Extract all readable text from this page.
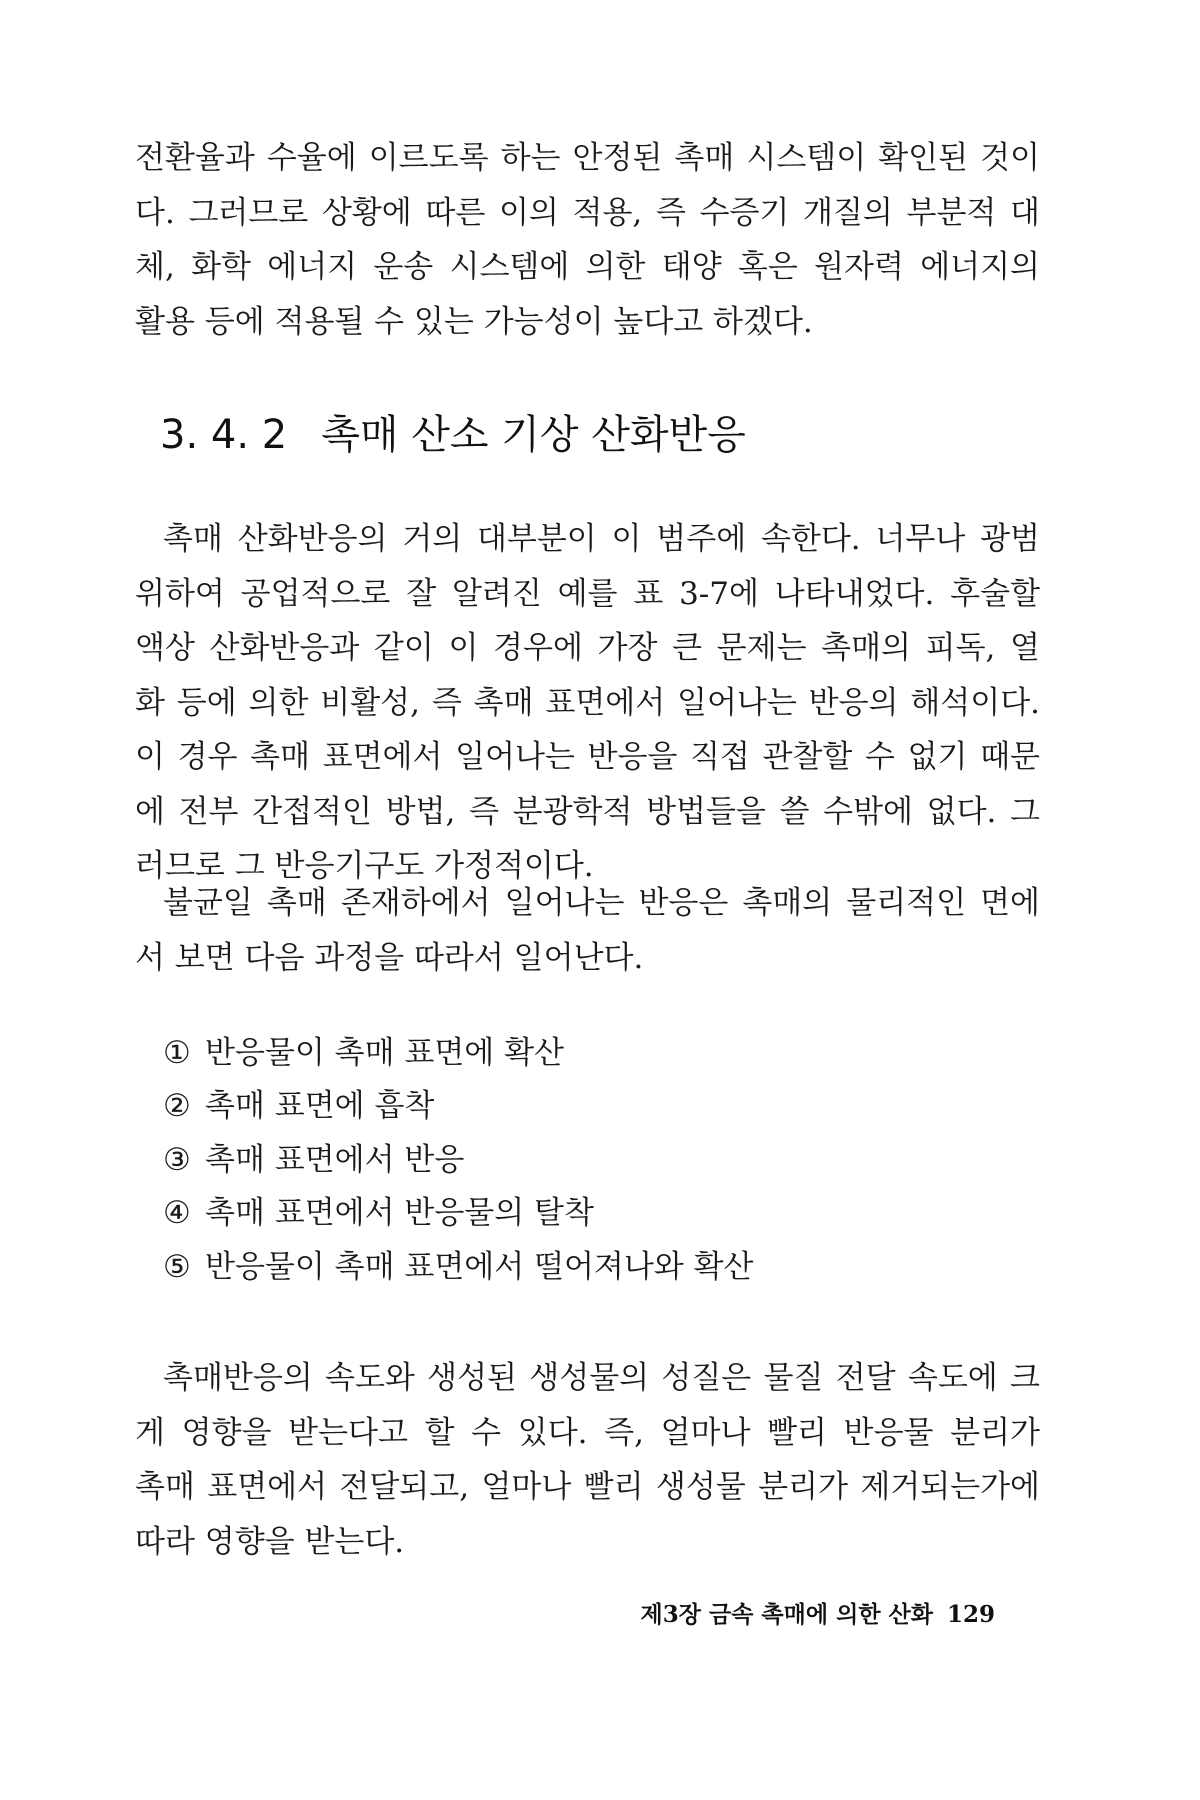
전환율과 수율에 이르도록 하는 안정된 촉매 시스템이 확인된 것이
다. 그러므로 상황에 따른 이의 적용, 즉 수증기 개질의 부분적 대
체, 화학 에너지 운송 시스템에 의한 태양 혹은 원자력 에너지의
활용 등에 적용될 수 있는 가능성이 높다고 하겠다.
3. 4. 2 촉매 산소 기상 산화반응
촉매 산화반응의 거의 대부분이 이 범주에 속한다. 너무나 광범
위하여 공업적으로 잘 알려진 예를 표 3-7에 나타내었다. 후술할
액상 산화반응과 같이 이 경우에 가장 큰 문제는 촉매의 피독, 열
화 등에 의한 비활성, 즉 촉매 표면에서 일어나는 반응의 해석이다.
이 경우 촉매 표면에서 일어나는 반응을 직접 관찰할 수 없기 때문
에 전부 간접적인 방법, 즉 분광학적 방법들을 쓸 수밖에 없다. 그
러므로 그 반응기구도 가정적이다.
불균일 촉매 존재하에서 일어나는 반응은 촉매의 물리적인 면에
서 보면 다음 과정을 따라서 일어난다.
① 반응물이 촉매 표면에 확산
② 촉매 표면에 흡착
③ 촉매 표면에서 반응
④ 촉매 표면에서 반응물의 탈착
⑤ 반응물이 촉매 표면에서 떨어져나와 확산
촉매반응의 속도와 생성된 생성물의 성질은 물질 전달 속도에 크
게 영향을 받는다고 할 수 있다. 즉, 얼마나 빨리 반응물 분리가
촉매 표면에서 전달되고, 얼마나 빨리 생성물 분리가 제거되는가에
따라 영향을 받는다.
제3장 금속 촉매에 의한 산화 129
